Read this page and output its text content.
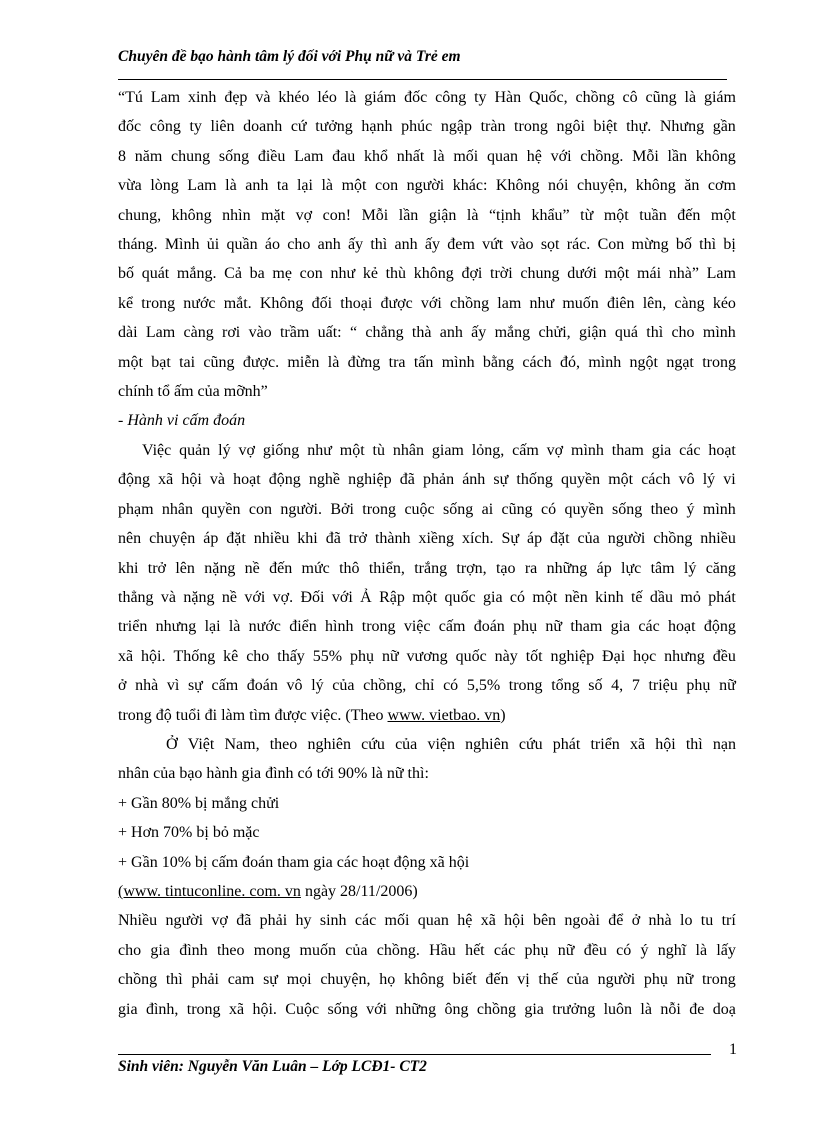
Chuyên đề bạo hành tâm lý đối với Phụ nữ và Trẻ em
“Tú Lam xinh đẹp và khéo léo là giám đốc công ty Hàn Quốc, chồng cô cũng là giám
đốc công ty liên doanh cứ tưởng hạnh phúc ngập tràn trong ngôi biệt thự. Nhưng gần
8 năm chung sống điều Lam đau khổ nhất là mối quan hệ với chồng. Mỗi lần không
vừa lòng Lam là anh ta lại là một con người khác: Không nói chuyện, không ăn cơm
chung, không nhìn mặt vợ con! Mỗi lần giận là “tịnh khẩu” từ một tuần đến một
tháng. Mình ủi quần áo cho anh ấy thì anh ấy đem vứt vào sọt rác. Con mừng bố thì bị
bố quát mắng. Cả ba mẹ con như kẻ thù không đợi trời chung dưới một mái nhà” Lam
kể trong nước mắt. Không đối thoại được với chồng lam như muốn điên lên, càng kéo
dài Lam càng rơi vào trầm uất: “ chẳng thà anh ấy mắng chửi, giận quá thì cho mình
một bạt tai cũng được. miễn là đừng tra tấn mình bằng cách đó, mình ngột ngạt trong
chính tổ ấm của mỡnh”
- Hành vi cấm đoán
Việc quản lý vợ giống như một tù nhân giam lỏng, cấm vợ mình tham gia các hoạt
động xã hội và hoạt động nghề nghiệp đã phản ánh sự thống quyền một cách vô lý vi
phạm nhân quyền con người. Bởi trong cuộc sống ai cũng có quyền sống theo ý mình
nên chuyện áp đặt nhiều khi đã trở thành xiềng xích. Sự áp đặt của người chồng nhiều
khi trở lên nặng nề đến mức thô thiển, trắng trợn, tạo ra những áp lực tâm lý căng
thẳng và nặng nề với vợ. Đối với Ả Rập một quốc gia có một nền kinh tế dầu mỏ phát
triển nhưng lại là nước điển hình trong việc cấm đoán phụ nữ tham gia các hoạt động
xã hội. Thống kê cho thấy 55% phụ nữ vương quốc này tốt nghiệp Đại học nhưng đều
ở nhà vì sự cấm đoán vô lý của chồng, chỉ có 5,5% trong tổng số 4, 7 triệu phụ nữ
trong độ tuổi đi làm tìm được việc. (Theo www. vietbao. vn )
Ở Việt Nam, theo nghiên cứu của viện nghiên cứu phát triển xã hội thì nạn
nhân của bạo hành gia đình có tới 90% là nữ thì:
+ Gần 80% bị mắng chửi
+ Hơn 70% bị bỏ mặc
+ Gần 10% bị cấm đoán tham gia các hoạt động xã hội
(www. tintuconline. com. vn ngày 28/11/2006)
Nhiều người vợ đã phải hy sinh các mối quan hệ xã hội bên ngoài để ở nhà lo tu trí
cho gia đình theo mong muốn của chồng. Hầu hết các phụ nữ đều có ý nghĩ là lấy
chồng thì phải cam sự mọi chuyện, họ không biết đến vị thế của người phụ nữ trong
gia đình, trong xã hội. Cuộc sống với những ông chồng gia trưởng luôn là nỗi đe doạ
1
Sinh viên: Nguyễn Văn Luân – Lớp LCĐ1- CT2
